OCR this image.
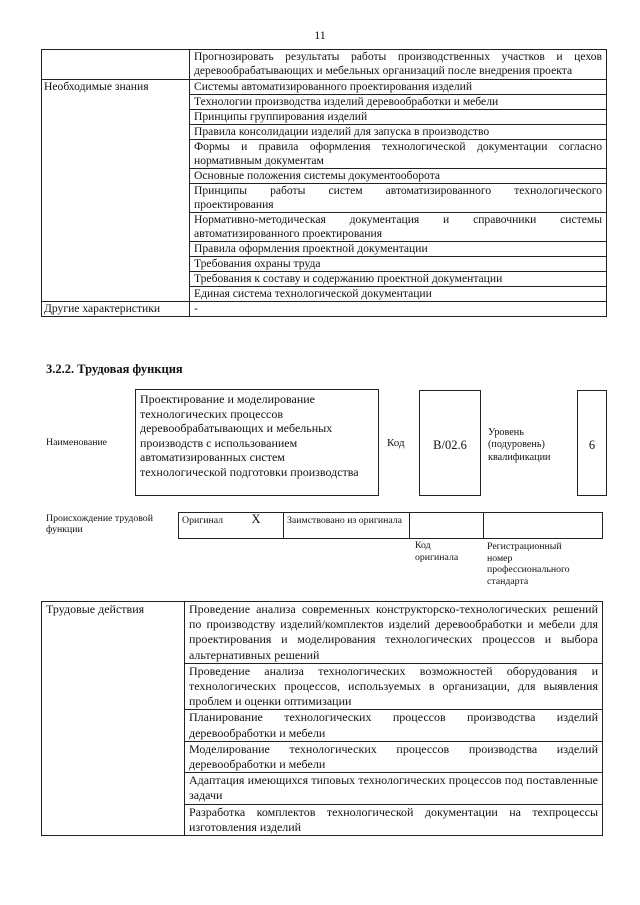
11
	Прогнозировать результаты работы производственных участков и цехов деревообрабатывающих и мебельных организаций после внедрения проекта
Необходимые знания	Системы автоматизированного проектирования изделий
	Технологии производства изделий деревообработки и мебели
	Принципы группирования изделий
	Правила консолидации изделий для запуска в производство
	Формы и правила оформления технологической документации согласно нормативным документам
	Основные положения системы документооборота
	Принципы работы систем автоматизированного технологического проектирования
	Нормативно-методическая документация и справочники системы автоматизированного проектирования
	Правила оформления проектной документации
	Требования охраны труда
	Требования к составу и содержанию проектной документации
	Единая система технологической документации
Другие характеристики	-
3.2.2. Трудовая функция
Наименование
Проектирование и моделирование технологических процессов деревообрабатывающих и мебельных производств с использованием автоматизированных систем технологической подготовки производства
Код В/02.6
Уровень (подуровень) квалификации
6
Происхождение трудовой функции
Оригинал	X	Заимствовано из оригинала		
Код оригинала
Регистрационный номер профессионального стандарта
Трудовые действия	Проведение анализа современных конструкторско-технологических решений по производству изделий/комплектов изделий деревообработки и мебели для проектирования и моделирования технологических процессов и выбора альтернативных решений
Проведение анализа технологических возможностей оборудования и технологических процессов, используемых в организации, для выявления проблем и оценки оптимизации
Планирование технологических процессов производства изделий деревообработки и мебели
Моделирование технологических процессов производства изделий деревообработки и мебели
Адаптация имеющихся типовых технологических процессов под поставленные задачи
Разработка комплектов технологической документации на техпроцессы изготовления изделий
